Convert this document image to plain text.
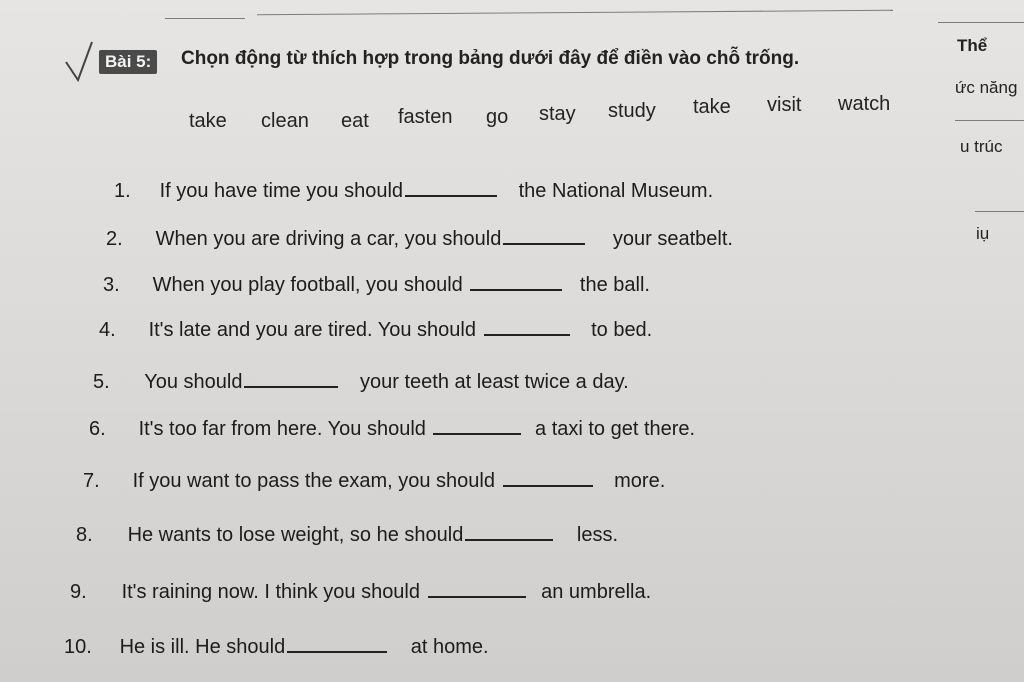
Bài 5:	Chọn động từ thích hợp trong bảng dưới đây để điền vào chỗ trống.
Thể
ức năng
u trúc
iụ
take clean eat fasten go stay study take visit watch
1. If you have time you should	the National Museum.
2. When you are driving a car, you should	your seatbelt.
3. When you play football, you should	the ball.
4. It's late and you are tired. You should	to bed.
5. You should	your teeth at least twice a day.
6. It's too far from here. You should	a taxi to get there.
7. If you want to pass the exam, you should	more.
8. He wants to lose weight, so he should	less.
9. It's raining now. I think you should	an umbrella.
10. He is ill. He should	at home.
